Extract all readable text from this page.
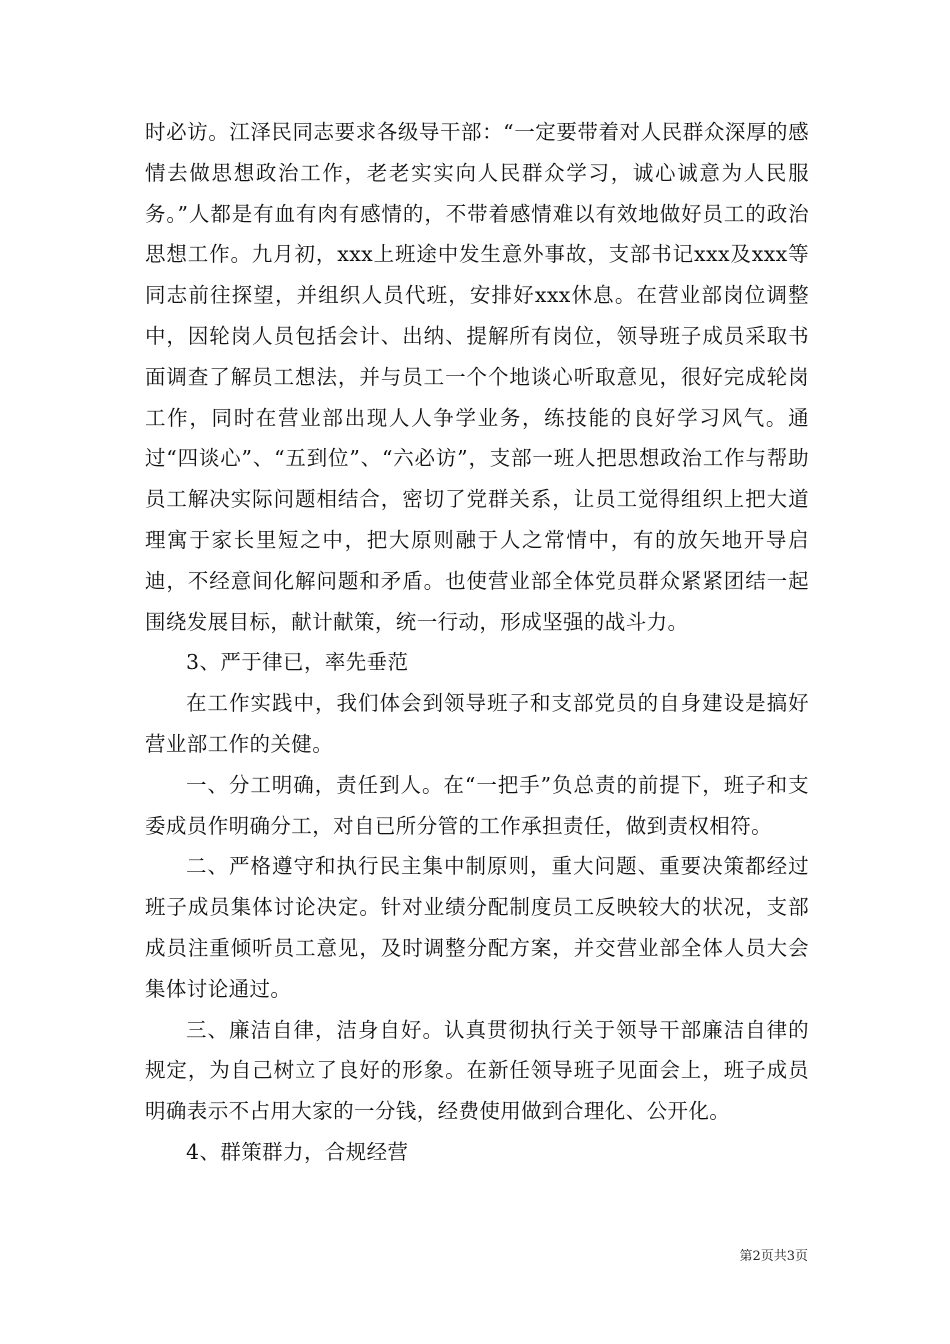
时必访。江泽民同志要求各级导干部：“一定要带着对人民群众深厚的感情去做思想政治工作，老老实实向人民群众学习，诚心诚意为人民服务。”人都是有血有肉有感情的，不带着感情难以有效地做好员工的政治思想工作。九月初，xxx上班途中发生意外事故，支部书记xxx及xxx等同志前往探望，并组织人员代班，安排好xxx休息。在营业部岗位调整中，因轮岗人员包括会计、出纳、提解所有岗位，领导班子成员采取书面调查了解员工想法，并与员工一个个地谈心听取意见，很好完成轮岗工作，同时在营业部出现人人争学业务，练技能的良好学习风气。通过“四谈心”、“五到位”、“六必访”，支部一班人把思想政治工作与帮助员工解决实际问题相结合，密切了党群关系，让员工觉得组织上把大道理寓于家长里短之中，把大原则融于人之常情中，有的放矢地开导启迪，不经意间化解问题和矛盾。也使营业部全体党员群众紧紧团结一起围绕发展目标，献计献策，统一行动，形成坚强的战斗力。

3、严于律已，率先垂范

在工作实践中，我们体会到领导班子和支部党员的自身建设是搞好营业部工作的关健。

一、分工明确，责任到人。在“一把手”负总责的前提下，班子和支委成员作明确分工，对自已所分管的工作承担责任，做到责权相符。

二、严格遵守和执行民主集中制原则，重大问题、重要决策都经过班子成员集体讨论决定。针对业绩分配制度员工反映较大的状况，支部成员注重倾听员工意见，及时调整分配方案，并交营业部全体人员大会集体讨论通过。

三、廉洁自律，洁身自好。认真贯彻执行关于领导干部廉洁自律的规定，为自己树立了良好的形象。在新任领导班子见面会上，班子成员明确表示不占用大家的一分钱，经费使用做到合理化、公开化。

4、群策群力，合规经营

第2页共3页
